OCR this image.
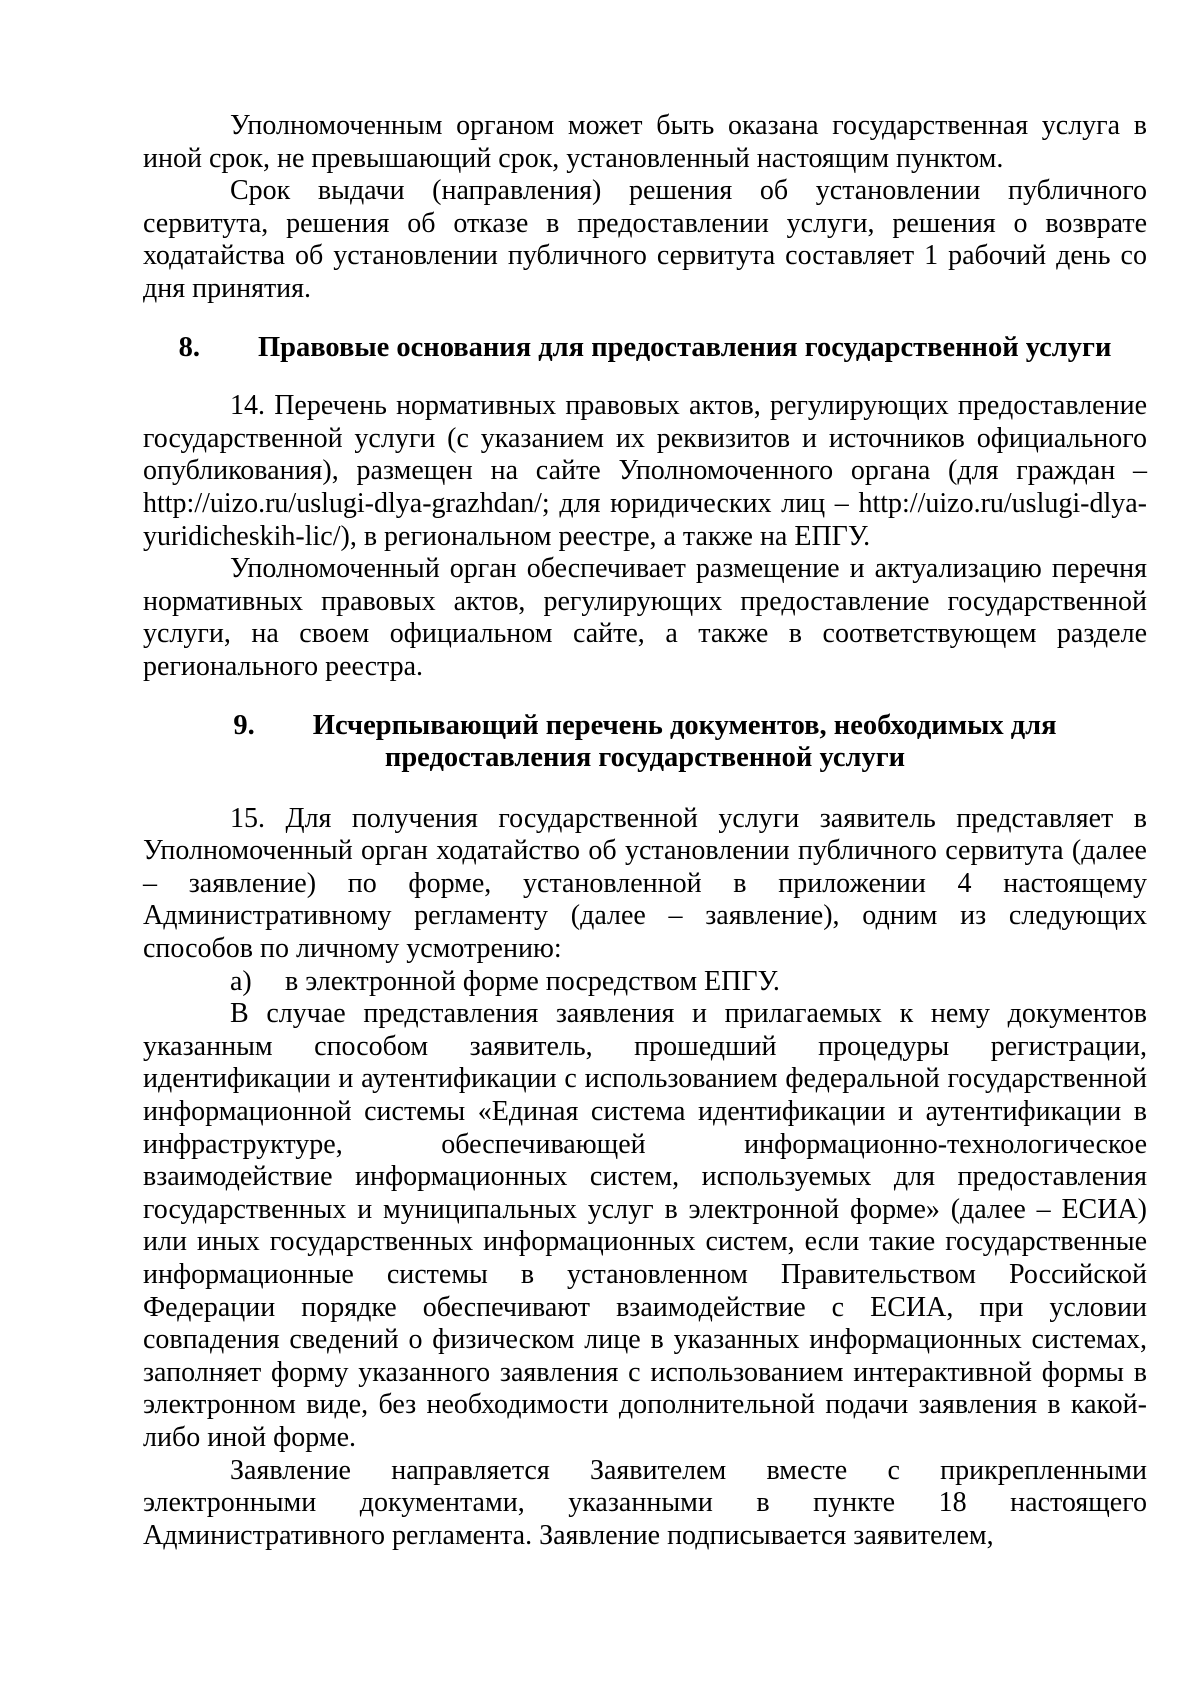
Уполномоченным органом может быть оказана государственная услуга в иной срок, не превышающий срок, установленный настоящим пунктом.

Срок выдачи (направления) решения об установлении публичного сервитута, решения об отказе в предоставлении услуги, решения о возврате ходатайства об установлении публичного сервитута составляет 1 рабочий день со дня принятия.

8. Правовые основания для предоставления государственной услуги

14. Перечень нормативных правовых актов, регулирующих предоставление государственной услуги (с указанием их реквизитов и источников официального опубликования), размещен на сайте Уполномоченного органа (для граждан – http://uizo.ru/uslugi-dlya-grazhdan/; для юридических лиц – http://uizo.ru/uslugi-dlya-yuridicheskih-lic/), в региональном реестре, а также на ЕПГУ.

Уполномоченный орган обеспечивает размещение и актуализацию перечня нормативных правовых актов, регулирующих предоставление государственной услуги, на своем официальном сайте, а также в соответствующем разделе регионального реестра.

9. Исчерпывающий перечень документов, необходимых для
предоставления государственной услуги

15. Для получения государственной услуги заявитель представляет в Уполномоченный орган ходатайство об установлении публичного сервитута (далее – заявление) по форме, установленной в приложении 4 настоящему Административному регламенту (далее – заявление), одним из следующих способов по личному усмотрению:

а) в электронной форме посредством ЕПГУ.

В случае представления заявления и прилагаемых к нему документов указанным способом заявитель, прошедший процедуры регистрации, идентификации и аутентификации с использованием федеральной государственной информационной системы «Единая система идентификации и аутентификации в инфраструктуре, обеспечивающей информационно-технологическое взаимодействие информационных систем, используемых для предоставления государственных и муниципальных услуг в электронной форме» (далее – ЕСИА) или иных государственных информационных систем, если такие государственные информационные системы в установленном Правительством Российской Федерации порядке обеспечивают взаимодействие с ЕСИА, при условии совпадения сведений о физическом лице в указанных информационных системах, заполняет форму указанного заявления с использованием интерактивной формы в электронном виде, без необходимости дополнительной подачи заявления в какой-либо иной форме.

Заявление направляется Заявителем вместе с прикрепленными электронными документами, указанными в пункте 18 настоящего Административного регламента. Заявление подписывается заявителем,
